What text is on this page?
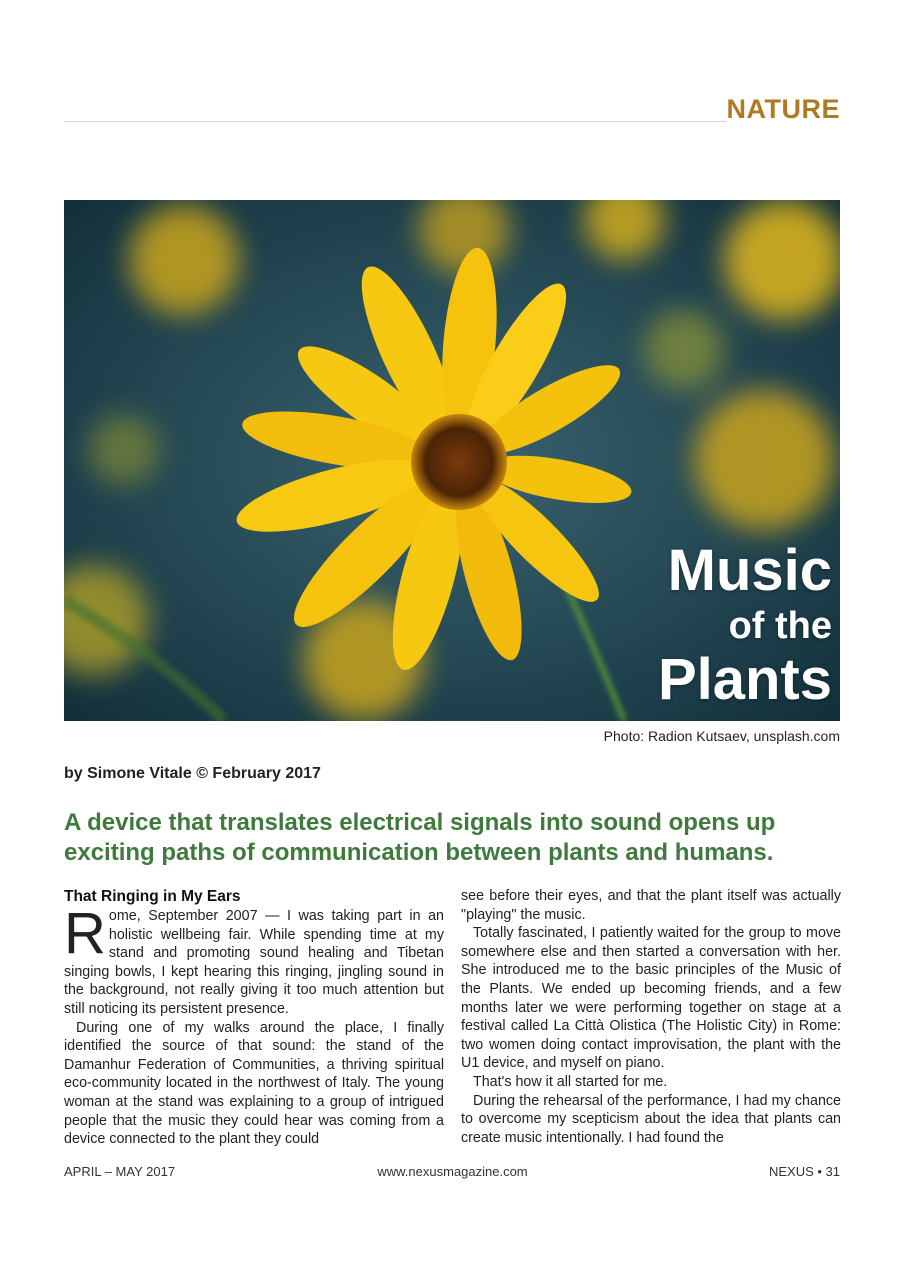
NATURE
Music
of the
Plants
Photo: Radion Kutsaev, unsplash.com
by Simone Vitale © February 2017
A device that translates electrical signals into sound opens up exciting paths of communication between plants and humans.
That Ringing in My Ears

Rome, September 2007 — I was taking part in an holistic wellbeing fair. While spending time at my stand and promoting sound healing and Tibetan singing bowls, I kept hearing this ringing, jingling sound in the background, not really giving it too much attention but still noticing its persistent presence.

During one of my walks around the place, I finally identified the source of that sound: the stand of the Damanhur Federation of Communities, a thriving spiritual eco-community located in the northwest of Italy. The young woman at the stand was explaining to a group of intrigued people that the music they could hear was coming from a device connected to the plant they could

see before their eyes, and that the plant itself was actually "playing" the music.

Totally fascinated, I patiently waited for the group to move somewhere else and then started a conversation with her. She introduced me to the basic principles of the Music of the Plants. We ended up becoming friends, and a few months later we were performing together on stage at a festival called La Città Olistica (The Holistic City) in Rome: two women doing contact improvisation, the plant with the U1 device, and myself on piano.

That's how it all started for me.

During the rehearsal of the performance, I had my chance to overcome my scepticism about the idea that plants can create music intentionally. I had found the

APRIL – MAY 2017	www.nexusmagazine.com	NEXUS • 31
